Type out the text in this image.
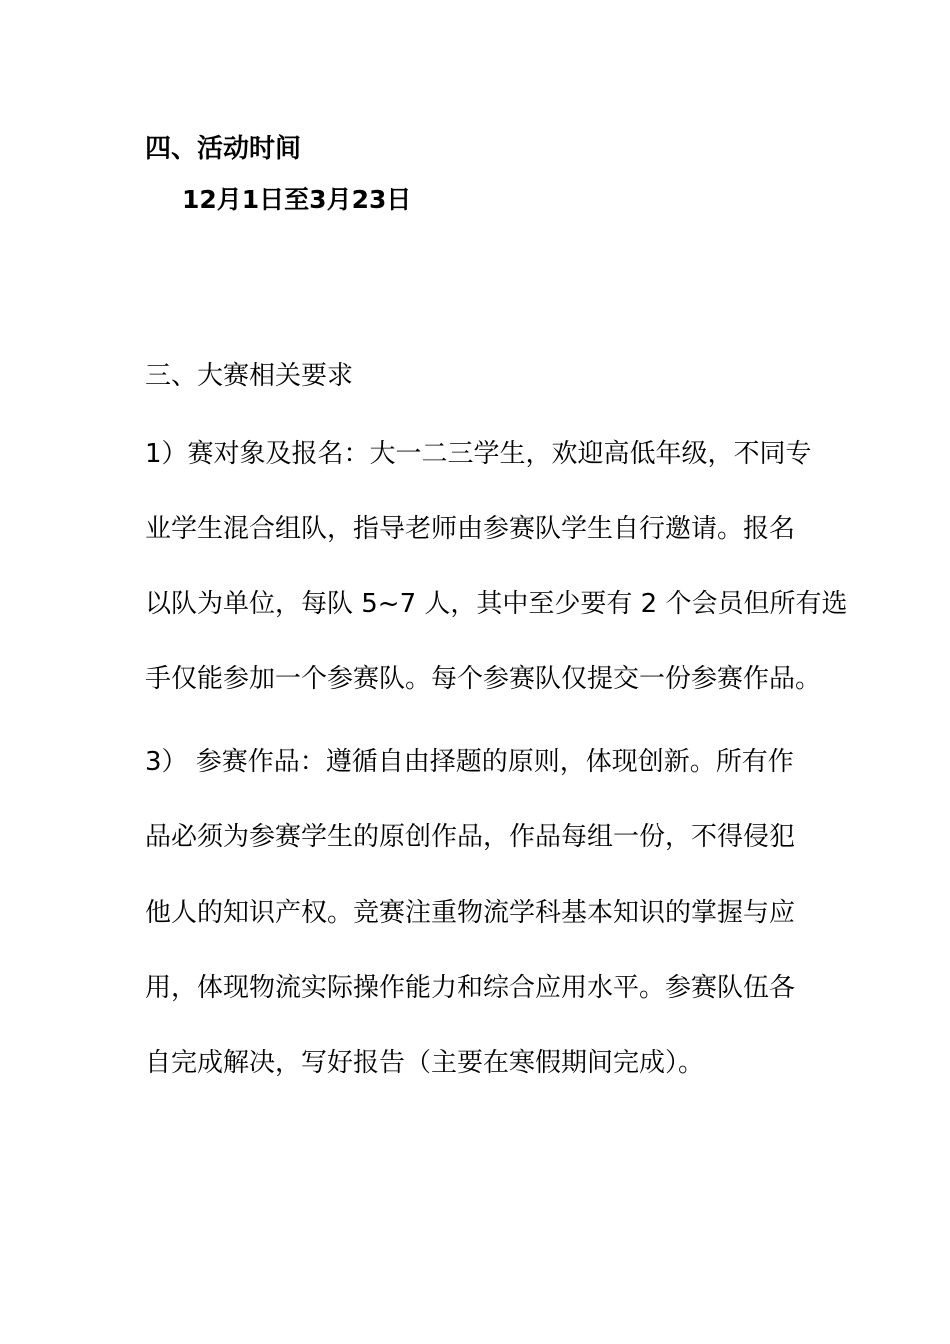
四、活动时间
12月1日至3月23日
三、大赛相关要求
1）赛对象及报名：大一二三学生，欢迎高低年级，不同专
业学生混合组队，指导老师由参赛队学生自行邀请。报名
以队为单位，每队 5~7 人，其中至少要有 2 个会员但所有选
手仅能参加一个参赛队。每个参赛队仅提交一份参赛作品。
3） 参赛作品：遵循自由择题的原则，体现创新。所有作
品必须为参赛学生的原创作品，作品每组一份，不得侵犯
他人的知识产权。竞赛注重物流学科基本知识的掌握与应
用，体现物流实际操作能力和综合应用水平。参赛队伍各
自完成解决，写好报告（主要在寒假期间完成）。
